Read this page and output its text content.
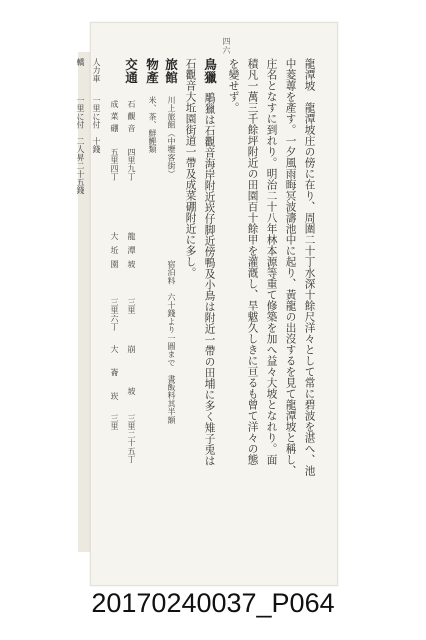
四六
龍潭坡　龍潭坡庄の傍に在り、周圍二十丁水深十餘尺洋々として常に碧波を湛へ、池
中菱蓴を產す。一夕風雨晦冥波濤池中に起り、黃龍の出沒するを見て龍潭坡と稱し、
庄名となすに到れり。明治二十八年林本源等重て修築を加へ益々大坡となれり。面
積凡一萬三千餘坪附近の田園百十餘甲を灌漑し、旱魃久しきに亘るも曾て洋々の態
を變せず。
鳥獵
鵰獵は石觀音海岸附近崁仔脚近傍鴨及小鳥は附近一帶の田埔に多く雉子兎は
石觀音大坵園街道一帶及成菜硼附近に多し。
旅館
川上旅館（中壢客街）
宿泊料　六十錢より一圓まで　晝飯料其半額
物產
米、茶、鮮鰹類
交通
石觀音
四里九丁
龍潭坡
三里
崩
坡
三里二十五丁
成菜硼
五里四丁
大坵園
三里六丁
大
崙
崁
三里
人力車
一里に付　十錢
轎
一里に付　二人昇二十五錢
20170240037_P064
